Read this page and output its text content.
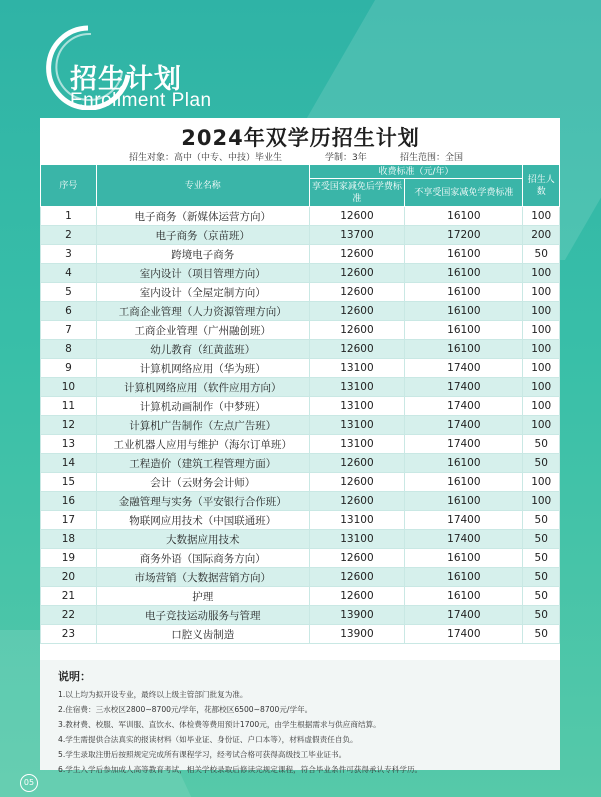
招生计划
Enrollment Plan
2024年双学历招生计划
招生对象：高中（中专、中技）毕业生	学制：3年	招生范围：全国
序号	专业名称	收费标准（元/年）		招生人数
		享受国家减免后学费标准	不享受国家减免学费标准	
1	电子商务（新媒体运营方向）	12600	16100	100
2	电子商务（京苗班）	13700	17200	200
3	跨境电子商务	12600	16100	50
4	室内设计（项目管理方向）	12600	16100	100
5	室内设计（全屋定制方向）	12600	16100	100
6	工商企业管理（人力资源管理方向）	12600	16100	100
7	工商企业管理（广州融创班）	12600	16100	100
8	幼儿教育（红黄蓝班）	12600	16100	100
9	计算机网络应用（华为班）	13100	17400	100
10	计算机网络应用（软件应用方向）	13100	17400	100
11	计算机动画制作（中梦班）	13100	17400	100
12	计算机广告制作（左点广告班）	13100	17400	100
13	工业机器人应用与维护（海尔订单班）	13100	17400	50
14	工程造价（建筑工程管理方面）	12600	16100	50
15	会计（云财务会计师）	12600	16100	100
16	金融管理与实务（平安银行合作班）	12600	16100	100
17	物联网应用技术（中国联通班）	13100	17400	50
18	大数据应用技术	13100	17400	50
19	商务外语（国际商务方向）	12600	16100	50
20	市场营销（大数据营销方向）	12600	16100	50
21	护理	12600	16100	50
22	电子竞技运动服务与管理	13900	17400	50
23	口腔义齿制造	13900	17400	50
说明：
1.以上均为拟开设专业，最终以上级主管部门批复为准。
2.住宿费：三水校区2800~8700元/学年，花都校区6500~8700元/学年。
3.教材费、校服、军训服、直饮水、体检费等费用预计1700元，由学生根据需求与供应商结算。
4.学生需提供合法真实的报读材料（如毕业证、身份证、户口本等），材料虚假责任自负。
5.学生录取注册后按照规定完成所有课程学习，经考试合格可获得高级技工毕业证书。
6.学生入学后参加成人高等教育考试，相关学校录取后修读完规定课程，符合毕业条件可获得承认专科学历。
05
